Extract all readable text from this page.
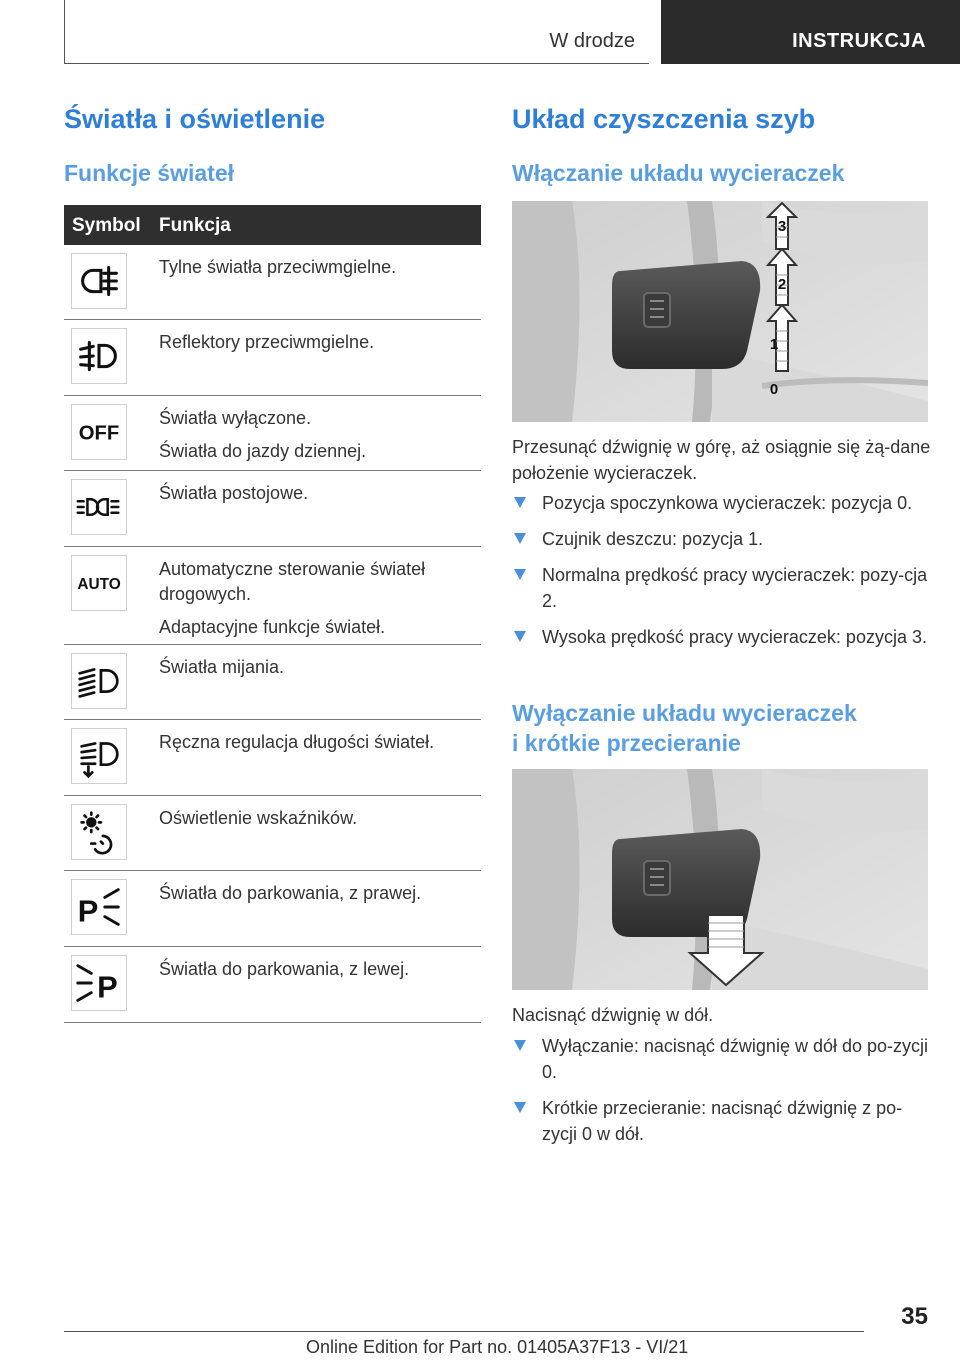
W drodze	INSTRUKCJA
Światła i oświetlenie
Funkcje świateł
Symbol Funkcja

Tylne światła przeciwmgielne.

Reflektory przeciwmgielne.

OFF

Światła wyłączone.

Światła do jazdy dziennej.

Światła postojowe.

AUTO

Automatyczne sterowanie świateł drogowych.

Adaptacyjne funkcje świateł.

Światła mijania.

Ręczna regulacja długości świateł.

Oświetlenie wskaźników.

P

Światła do parkowania, z prawej.

P

Światła do parkowania, z lewej.

Układ czyszczenia szyb
Włączanie układu wycieraczek
3
2
1
0
Przesunąć dźwignię w górę, aż osiągnie się żą-dane położenie wycieraczek.
Pozycja spoczynkowa wycieraczek: pozycja 0.
Czujnik deszczu: pozycja 1.
Normalna prędkość pracy wycieraczek: pozy-cja 2.
Wysoka prędkość pracy wycieraczek: pozycja 3.
Wyłączanie układu wycieraczek
i krótkie przecieranie
Nacisnąć dźwignię w dół.
Wyłączanie: nacisnąć dźwignię w dół do po-zycji 0.
Krótkie przecieranie: nacisnąć dźwignię z po-zycji 0 w dół.
35
Online Edition for Part no. 01405A37F13 - VI/21
